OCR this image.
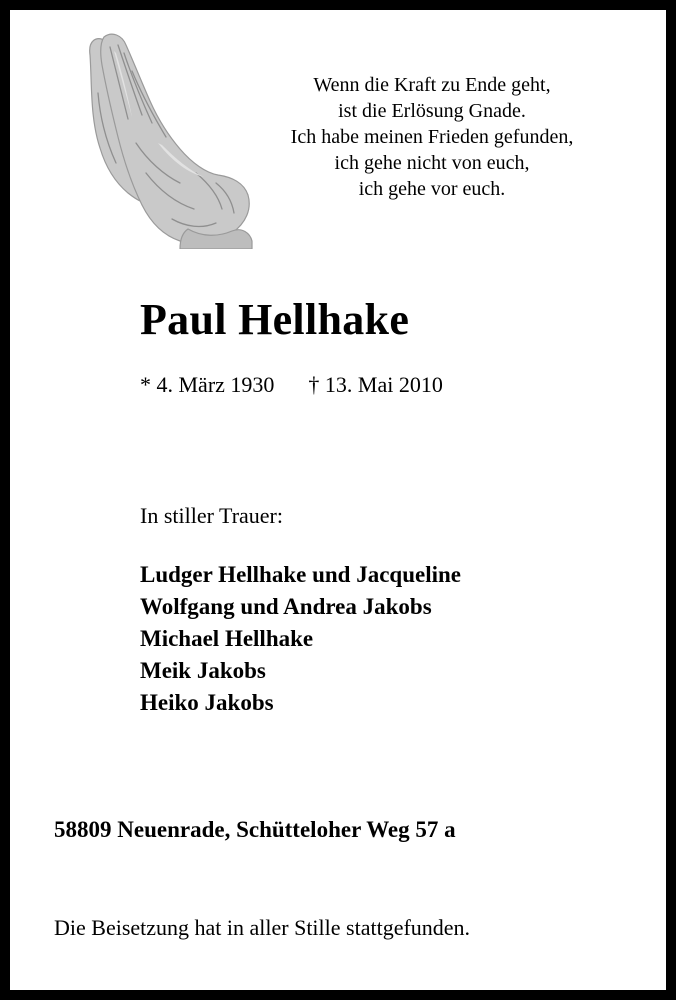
Wenn die Kraft zu Ende geht,
ist die Erlösung Gnade.
Ich habe meinen Frieden gefunden,
ich gehe nicht von euch,
ich gehe vor euch.
Paul Hellhake
* 4. März 1930 † 13. Mai 2010
In stiller Trauer:
Ludger Hellhake und Jacqueline
Wolfgang und Andrea Jakobs
Michael Hellhake
Meik Jakobs
Heiko Jakobs
58809 Neuenrade, Schütteloher Weg 57 a
Die Beisetzung hat in aller Stille stattgefunden.
